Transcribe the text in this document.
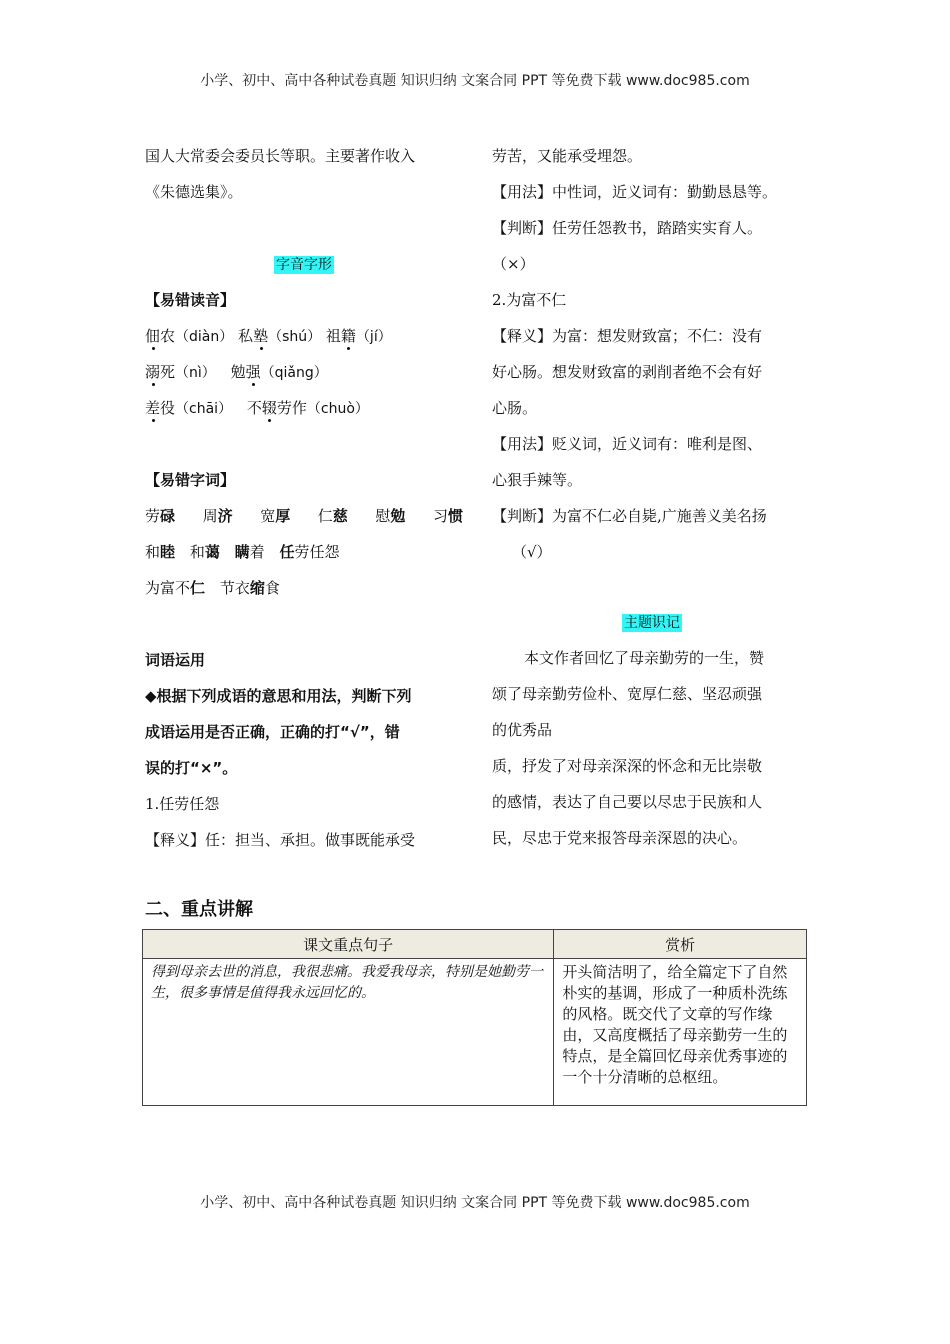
小学、初中、高中各种试卷真题 知识归纳 文案合同 PPT 等免费下载 www.doc985.com
国人大常委会委员长等职。主要著作收入
《朱德选集》。
字音字形
【易错读音】
佃农（diàn） 私塾（shú） 祖籍（jí）
溺死（nì） 勉强（qiǎng）
差役（chāi） 不辍劳作（chuò）
【易错字词】
劳碌 周济 宽厚 仁慈 慰勉 习惯
和睦 和蔼 瞒着 任劳任怨
为富不仁 节衣缩食
词语运用
◆根据下列成语的意思和用法，判断下列
成语运用是否正确，正确的打“√”，错
误的打“×”。
1.任劳任怨
【释义】任：担当、承担。做事既能承受
劳苦，又能承受埋怨。
【用法】中性词，近义词有：勤勤恳恳等。
【判断】任劳任怨教书，踏踏实实育人。
（×）
2.为富不仁
【释义】为富：想发财致富；不仁：没有
好心肠。想发财致富的剥削者绝不会有好
心肠。
【用法】贬义词，近义词有：唯利是图、
心狠手辣等。
【判断】为富不仁必自毙,广施善义美名扬
（√）
主题识记
本文作者回忆了母亲勤劳的一生，赞
颂了母亲勤劳俭朴、宽厚仁慈、坚忍顽强
的优秀品
质，抒发了对母亲深深的怀念和无比崇敬
的感情，表达了自己要以尽忠于民族和人
民，尽忠于党来报答母亲深恩的决心。
二、重点讲解
课文重点句子	赏析
得到母亲去世的消息，我很悲痛。我爱我母亲，特别是她勤劳一生，很多事情是值得我永远回忆的。	开头简洁明了，给全篇定下了自然朴实的基调，形成了一种质朴洗练的风格。既交代了文章的写作缘由，又高度概括了母亲勤劳一生的特点，是全篇回忆母亲优秀事迹的一个十分清晰的总枢纽。
小学、初中、高中各种试卷真题 知识归纳 文案合同 PPT 等免费下载 www.doc985.com
